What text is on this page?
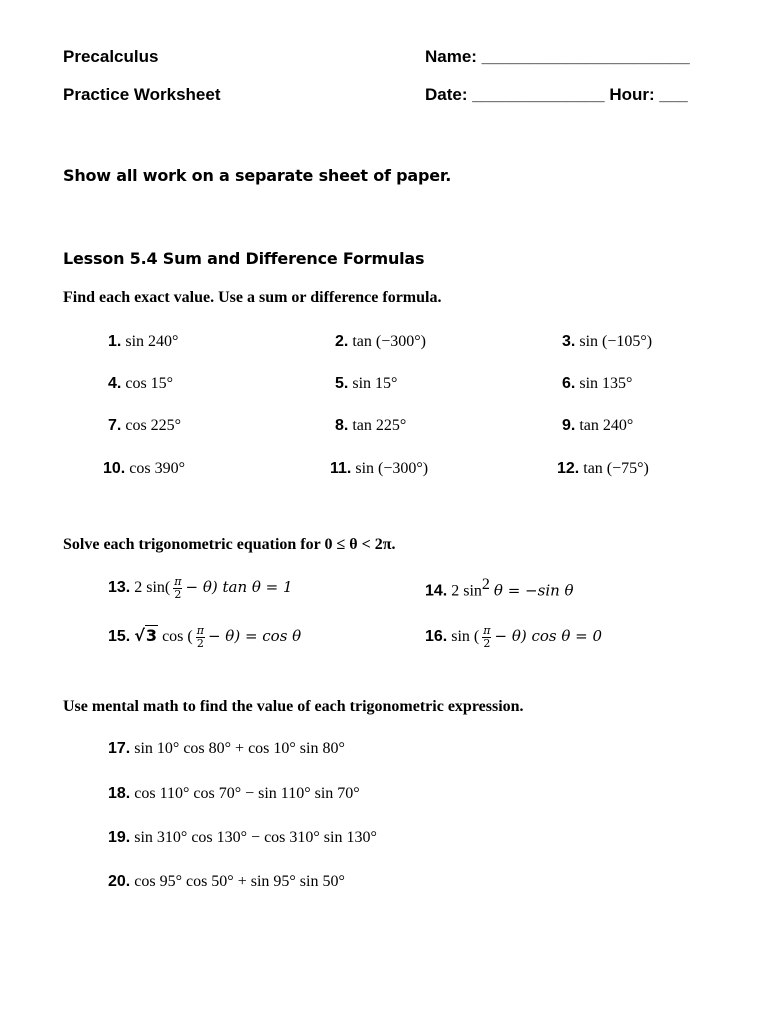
Precalculus	Name: ______________________
Practice Worksheet	Date: ______________ Hour: ___
Show all work on a separate sheet of paper.
Lesson 5.4 Sum and Difference Formulas
Find each exact value. Use a sum or difference formula.
1. sin 240°	2. tan (−300°)	3. sin (−105°)
4. cos 15°	5. sin 15°	6. sin 135°
7. cos 225°	8. tan 225°	9. tan 240°
10. cos 390°	11. sin (−300°)	12. tan (−75°)
Solve each trigonometric equation for 0 ≤ θ < 2π.
13. 2 $\sin( \frac{\pi}{2} - \theta)$ tan θ = 1	14. 2 $\sin^2 \theta = -\sin$ θ
15. √3 cos ( $\frac{\pi}{2} - \theta) = \cos \theta$	16. sin ( $\frac{\pi}{2} - \theta$) cos θ = 0
Use mental math to find the value of each trigonometric expression.
17. sin 10° cos 80° + cos 10° sin 80°
18. cos 110° cos 70° − sin 110° sin 70°
19. sin 310° cos 130° − cos 310° sin 130°
20. cos 95° cos 50° + sin 95° sin 50°
